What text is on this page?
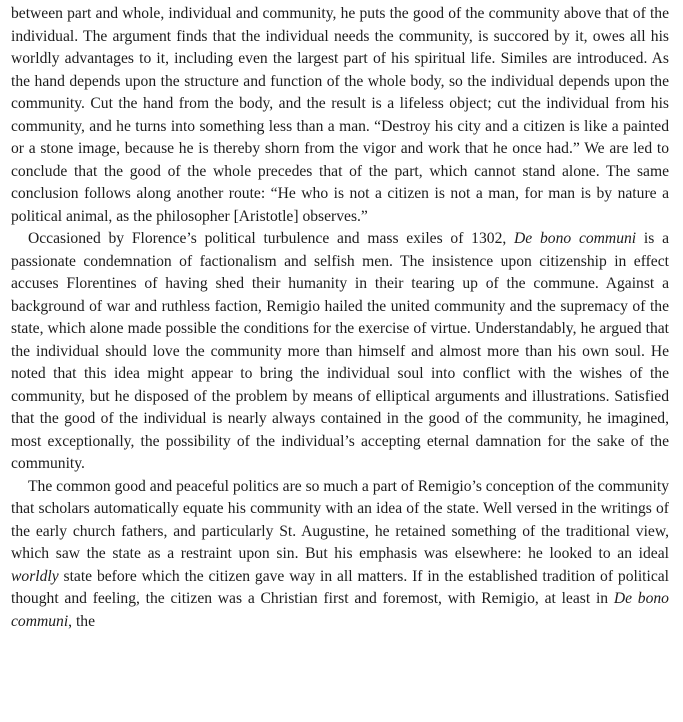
between part and whole, individual and community, he puts the good of the community above that of the individual. The argument finds that the individual needs the community, is succored by it, owes all his worldly advantages to it, including even the largest part of his spiritual life. Similes are introduced. As the hand depends upon the structure and function of the whole body, so the individual depends upon the community. Cut the hand from the body, and the result is a lifeless object; cut the individual from his community, and he turns into something less than a man. “Destroy his city and a citizen is like a painted or a stone image, because he is thereby shorn from the vigor and work that he once had.” We are led to conclude that the good of the whole precedes that of the part, which cannot stand alone. The same conclusion follows along another route: “He who is not a citizen is not a man, for man is by nature a political animal, as the philosopher [Aristotle] observes.”

Occasioned by Florence’s political turbulence and mass exiles of 1302, De bono communi is a passionate condemnation of factionalism and selfish men. The insistence upon citizenship in effect accuses Florentines of having shed their humanity in their tearing up of the commune. Against a background of war and ruthless faction, Remigio hailed the united community and the supremacy of the state, which alone made possible the conditions for the exercise of virtue. Understandably, he argued that the individual should love the community more than himself and almost more than his own soul. He noted that this idea might appear to bring the individual soul into conflict with the wishes of the community, but he disposed of the problem by means of elliptical arguments and illustrations. Satisfied that the good of the individual is nearly always contained in the good of the community, he imagined, most exceptionally, the possibility of the individual’s accepting eternal damnation for the sake of the community.

The common good and peaceful politics are so much a part of Remigio’s conception of the community that scholars automatically equate his community with an idea of the state. Well versed in the writings of the early church fathers, and particularly St. Augustine, he retained something of the traditional view, which saw the state as a restraint upon sin. But his emphasis was elsewhere: he looked to an ideal worldly state before which the citizen gave way in all matters. If in the established tradition of political thought and feeling, the citizen was a Christian first and foremost, with Remigio, at least in De bono communi, the
